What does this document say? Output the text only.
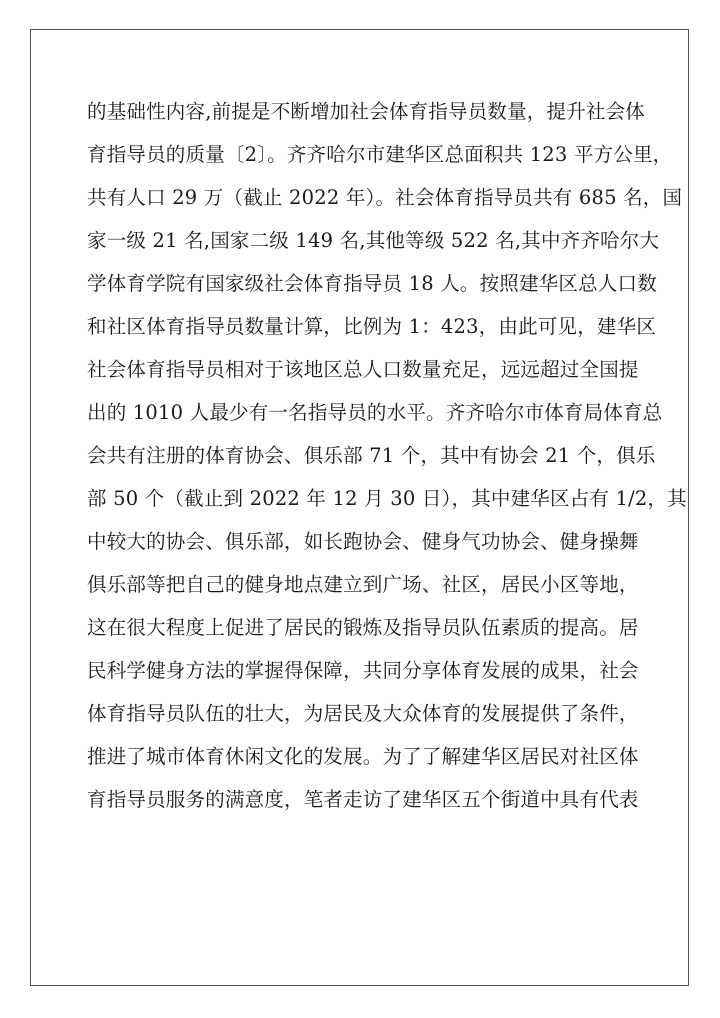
的基础性内容,前提是不断增加社会体育指导员数量，提升社会体
育指导员的质量〔2〕。齐齐哈尔市建华区总面积共 123 平方公里，
共有人口 29 万（截止 2022 年）。社会体育指导员共有 685 名，国
家一级 21 名,国家二级 149 名,其他等级 522 名,其中齐齐哈尔大
学体育学院有国家级社会体育指导员 18 人。按照建华区总人口数
和社区体育指导员数量计算，比例为 1：423，由此可见，建华区
社会体育指导员相对于该地区总人口数量充足，远远超过全国提
出的 1010 人最少有一名指导员的水平。齐齐哈尔市体育局体育总
会共有注册的体育协会、俱乐部 71 个，其中有协会 21 个，俱乐
部 50 个（截止到 2022 年 12 月 30 日），其中建华区占有 1/2，其
中较大的协会、俱乐部，如长跑协会、健身气功协会、健身操舞
俱乐部等把自己的健身地点建立到广场、社区，居民小区等地，
这在很大程度上促进了居民的锻炼及指导员队伍素质的提高。居
民科学健身方法的掌握得保障，共同分享体育发展的成果，社会
体育指导员队伍的壮大，为居民及大众体育的发展提供了条件，
推进了城市体育休闲文化的发展。为了了解建华区居民对社区体
育指导员服务的满意度，笔者走访了建华区五个街道中具有代表
